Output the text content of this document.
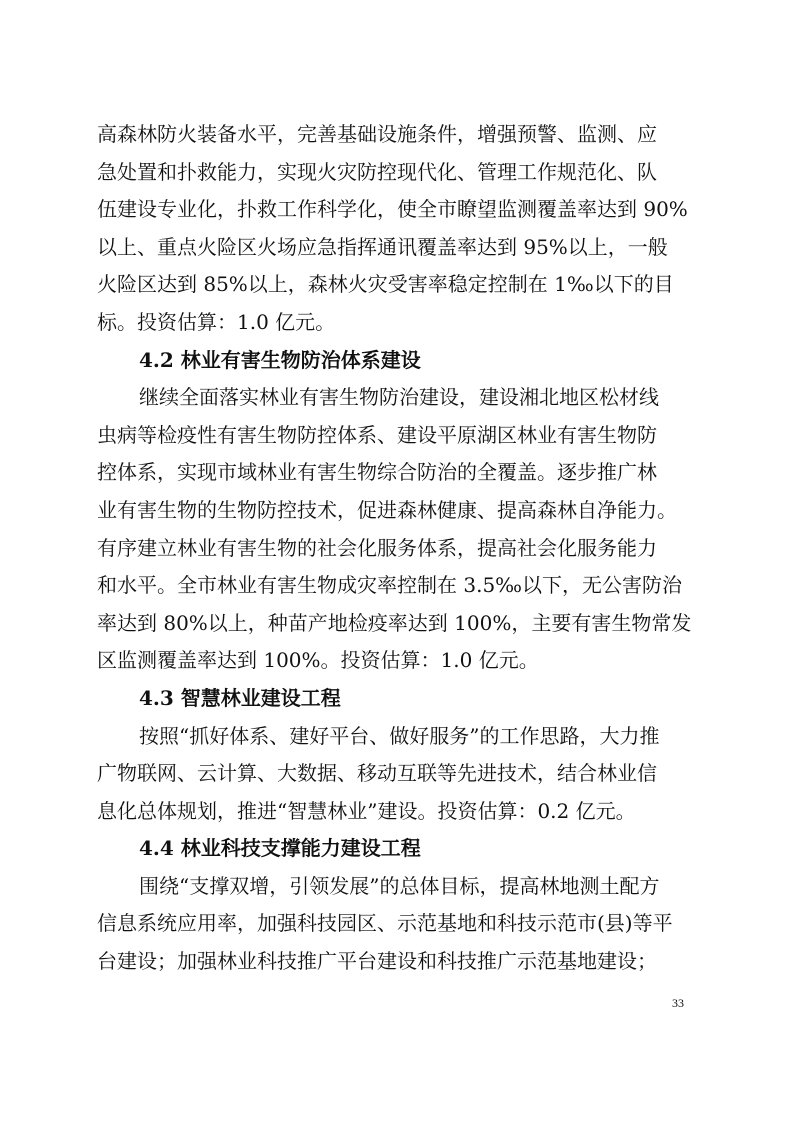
高森林防火装备水平，完善基础设施条件，增强预警、监测、应
急处置和扑救能力，实现火灾防控现代化、管理工作规范化、队
伍建设专业化，扑救工作科学化，使全市瞭望监测覆盖率达到 90%
以上、重点火险区火场应急指挥通讯覆盖率达到 95%以上，一般
火险区达到 85%以上，森林火灾受害率稳定控制在 1‰以下的目
标。投资估算：1.0 亿元。
4.2 林业有害生物防治体系建设
继续全面落实林业有害生物防治建设，建设湘北地区松材线
虫病等检疫性有害生物防控体系、建设平原湖区林业有害生物防
控体系，实现市域林业有害生物综合防治的全覆盖。逐步推广林
业有害生物的生物防控技术，促进森林健康、提高森林自净能力。
有序建立林业有害生物的社会化服务体系，提高社会化服务能力
和水平。全市林业有害生物成灾率控制在 3.5‰以下，无公害防治
率达到 80%以上，种苗产地检疫率达到 100%，主要有害生物常发
区监测覆盖率达到 100%。投资估算：1.0 亿元。
4.3 智慧林业建设工程
按照“抓好体系、建好平台、做好服务”的工作思路，大力推
广物联网、云计算、大数据、移动互联等先进技术，结合林业信
息化总体规划，推进“智慧林业”建设。投资估算：0.2 亿元。
4.4 林业科技支撑能力建设工程
围绕“支撑双增，引领发展”的总体目标，提高林地测土配方
信息系统应用率，加强科技园区、示范基地和科技示范市(县)等平
台建设；加强林业科技推广平台建设和科技推广示范基地建设；
33
